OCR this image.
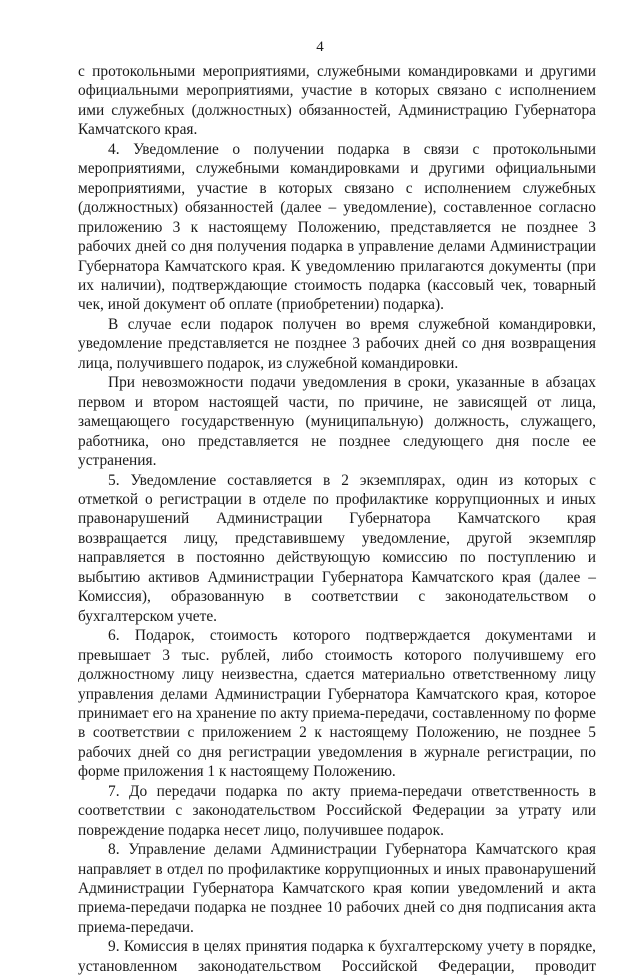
4

с протокольными мероприятиями, служебными командировками и другими официальными мероприятиями, участие в которых связано с исполнением ими служебных (должностных) обязанностей, Администрацию Губернатора Камчатского края.

4. Уведомление о получении подарка в связи с протокольными мероприятиями, служебными командировками и другими официальными мероприятиями, участие в которых связано с исполнением служебных (должностных) обязанностей (далее – уведомление), составленное согласно приложению 3 к настоящему Положению, представляется не позднее 3 рабочих дней со дня получения подарка в управление делами Администрации Губернатора Камчатского края. К уведомлению прилагаются документы (при их наличии), подтверждающие стоимость подарка (кассовый чек, товарный чек, иной документ об оплате (приобретении) подарка).

В случае если подарок получен во время служебной командировки, уведомление представляется не позднее 3 рабочих дней со дня возвращения лица, получившего подарок, из служебной командировки.

При невозможности подачи уведомления в сроки, указанные в абзацах первом и втором настоящей части, по причине, не зависящей от лица, замещающего государственную (муниципальную) должность, служащего, работника, оно представляется не позднее следующего дня после ее устранения.

5. Уведомление составляется в 2 экземплярах, один из которых с отметкой о регистрации в отделе по профилактике коррупционных и иных правонарушений Администрации Губернатора Камчатского края возвращается лицу, представившему уведомление, другой экземпляр направляется в постоянно действующую комиссию по поступлению и выбытию активов Администрации Губернатора Камчатского края (далее – Комиссия), образованную в соответствии с законодательством о бухгалтерском учете.

6. Подарок, стоимость которого подтверждается документами и превышает 3 тыс. рублей, либо стоимость которого получившему его должностному лицу неизвестна, сдается материально ответственному лицу управления делами Администрации Губернатора Камчатского края, которое принимает его на хранение по акту приема-передачи, составленному по форме в соответствии с приложением 2 к настоящему Положению, не позднее 5 рабочих дней со дня регистрации уведомления в журнале регистрации, по форме приложения 1 к настоящему Положению.

7. До передачи подарка по акту приема-передачи ответственность в соответствии с законодательством Российской Федерации за утрату или повреждение подарка несет лицо, получившее подарок.

8. Управление делами Администрации Губернатора Камчатского края направляет в отдел по профилактике коррупционных и иных правонарушений Администрации Губернатора Камчатского края копии уведомлений и акта приема-передачи подарка не позднее 10 рабочих дней со дня подписания акта приема-передачи.

9. Комиссия в целях принятия подарка к бухгалтерскому учету в порядке, установленном законодательством Российской Федерации, проводит
